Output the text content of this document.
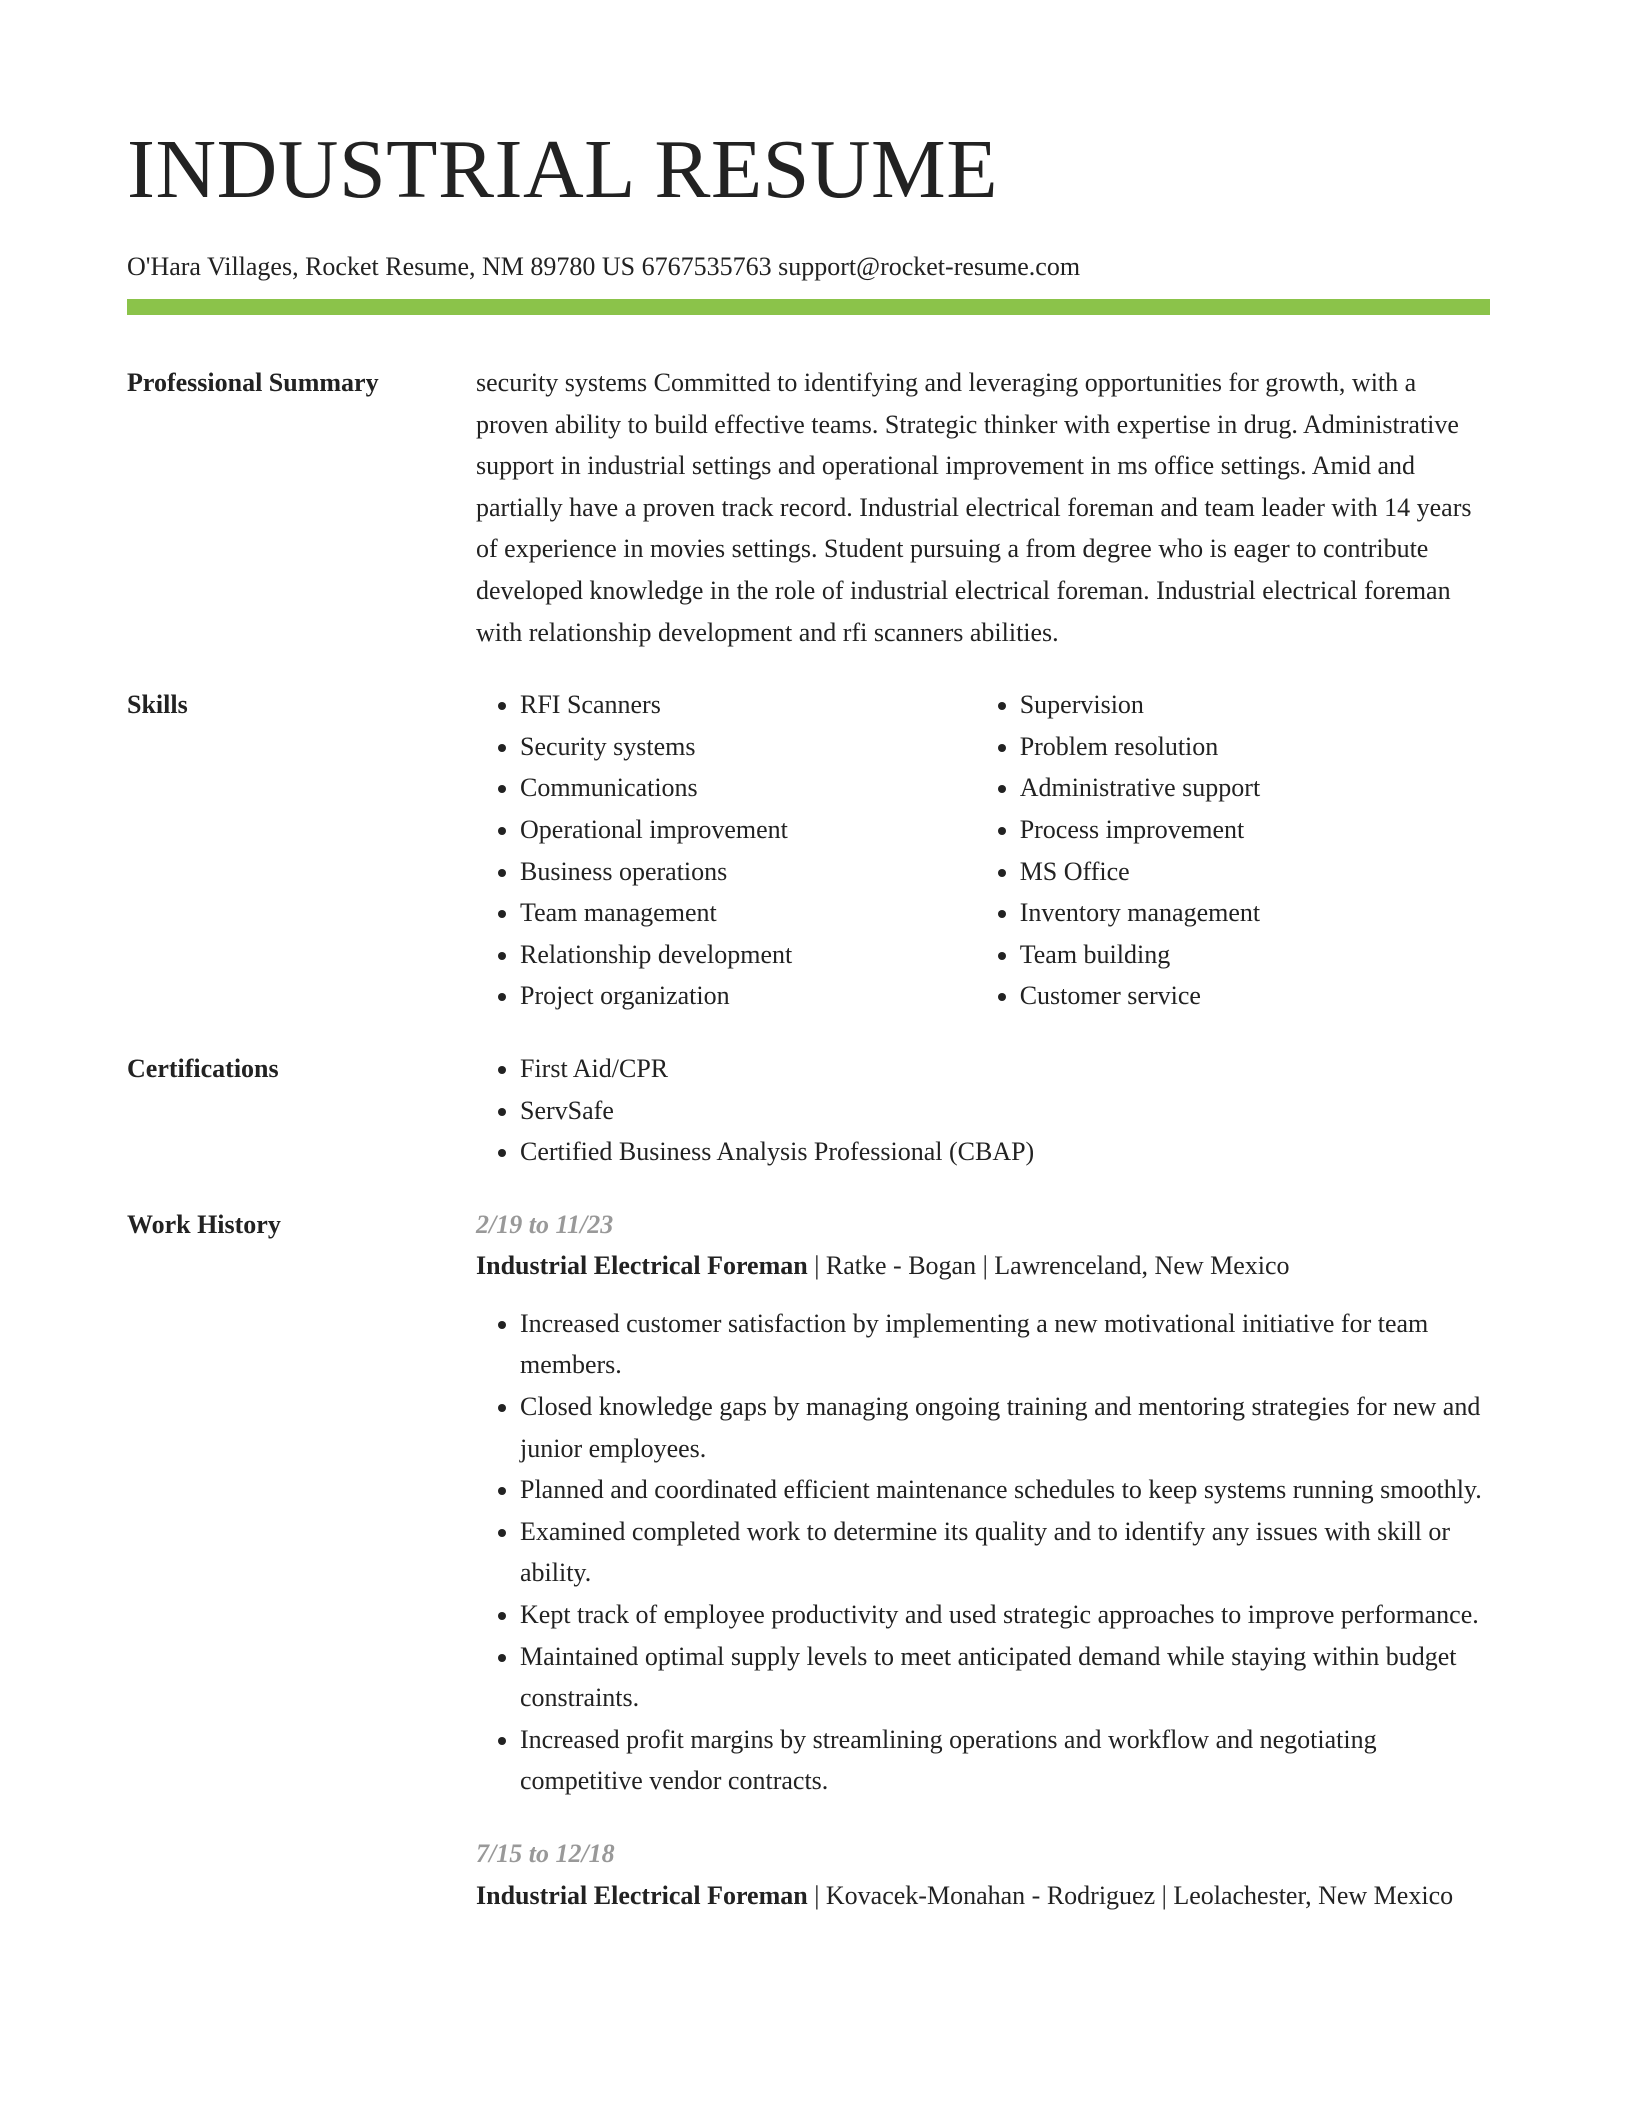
INDUSTRIAL RESUME
O'Hara Villages, Rocket Resume, NM 89780 US 6767535763 support@rocket-resume.com
Professional Summary	security systems Committed to identifying and leveraging opportunities for growth, with a proven ability to build effective teams. Strategic thinker with expertise in drug. Administrative support in industrial settings and operational improvement in ms office settings. Amid and partially have a proven track record. Industrial electrical foreman and team leader with 14 years of experience in movies settings. Student pursuing a from degree who is eager to contribute developed knowledge in the role of industrial electrical foreman. Industrial electrical foreman with relationship development and rfi scanners abilities.

Skills	• RFI Scanners
• Security systems
• Communications
• Operational improvement
• Business operations
• Team management
• Relationship development
• Project organization
• Supervision
• Problem resolution
• Administrative support
• Process improvement
• MS Office
• Inventory management
• Team building
• Customer service
Certifications	• First Aid/CPR
• ServSafe
• Certified Business Analysis Professional (CBAP)
Work History	2/19 to 11/23
Industrial Electrical Foreman | Ratke - Bogan | Lawrenceland, New Mexico
• Increased customer satisfaction by implementing a new motivational initiative for team members.
• Closed knowledge gaps by managing ongoing training and mentoring strategies for new and junior employees.
• Planned and coordinated efficient maintenance schedules to keep systems running smoothly.
• Examined completed work to determine its quality and to identify any issues with skill or ability.
• Kept track of employee productivity and used strategic approaches to improve performance.
• Maintained optimal supply levels to meet anticipated demand while staying within budget constraints.
• Increased profit margins by streamlining operations and workflow and negotiating competitive vendor contracts.
7/15 to 12/18
Industrial Electrical Foreman | Kovacek-Monahan - Rodriguez | Leolachester, New Mexico
